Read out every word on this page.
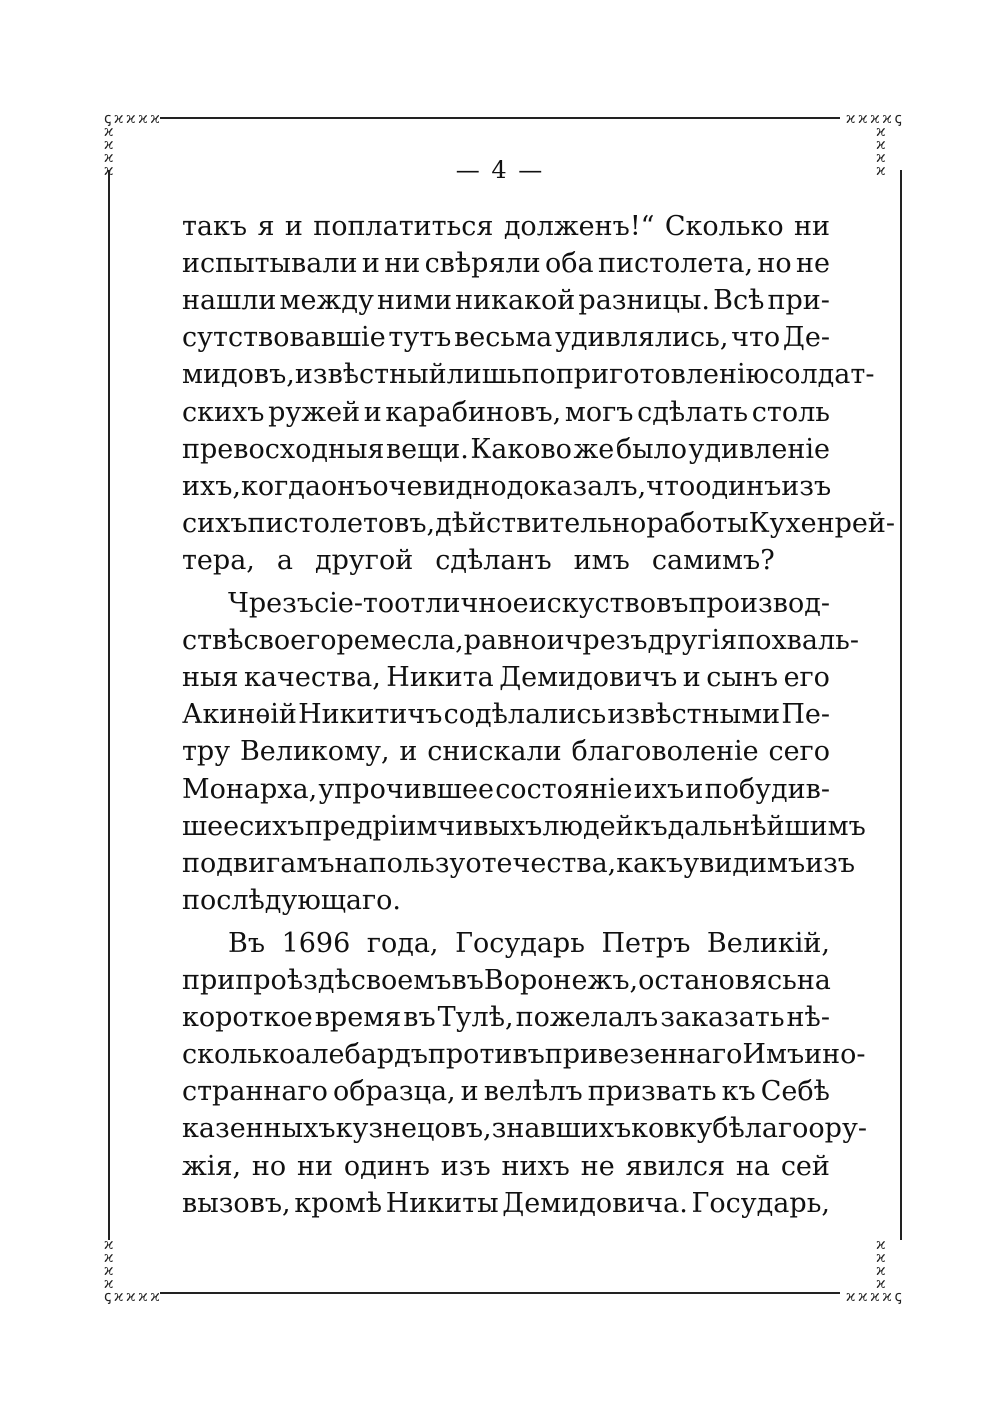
ꞔ ϰ ϰ ϰ ϰ
ϰ
ϰ
ϰ
ϰ
ϰ ϰ ϰ ϰ ꞔ
ϰ
ϰ
ϰ
ϰ
ϰ
ϰ
ϰ
ϰ
ꞔ ϰ ϰ ϰ ϰ
ϰ
ϰ
ϰ
ϰ
ϰ ϰ ϰ ϰ ꞔ
— 4 —
такъ я и поплатиться долженъ!“ Сколько ни
испытывали и ни свѣряли оба пистолета, но не
нашли между ними никакой разницы. Всѣ при-
сутствовавшіе тутъ весьма удивлялись, что Де-
мидовъ, извѣстный лишь по приготовленію солдат-
скихъ ружей и карабиновъ, могъ сдѣлать столь
превосходныя вещи. Каково же было удивленіе
ихъ, когда онъ очевидно доказалъ, что одинъ изъ
сихъ пистолетовъ, дѣйствительно работы Кухенрей-
тера, а другой сдѣланъ имъ самимъ?
Чрезъ сіе-то отличное искуство въ производ-
ствѣ своего ремесла, равно и чрезъ другія похваль-
ныя качества, Никита Демидовичъ и сынъ его
Акинѳій Никитичъ содѣлались извѣстными Пе-
тру Великому, и снискали благоволеніе сего
Монарха, упрочившее состояніе ихъ и побудив-
шее сихъ предріимчивыхъ людей къ дальнѣйшимъ
подвигамъ на пользу отечества, какъ увидимъ изъ
послѣдующаго.
Въ 1696 года, Государь Петръ Великій,
при проѣздѣ своемъ въ Воронежъ, остановясь на
короткое время въ Тулѣ, пожелалъ заказать нѣ-
сколько алебардъ противъ привезеннаго Имъ ино-
страннаго образца, и велѣлъ призвать къ Себѣ
казенныхъ кузнецовъ, знавшихъ ковку бѣлаго ору-
жія, но ни одинъ изъ нихъ не явился на сей
вызовъ, кромѣ Никиты Демидовича. Государь,
